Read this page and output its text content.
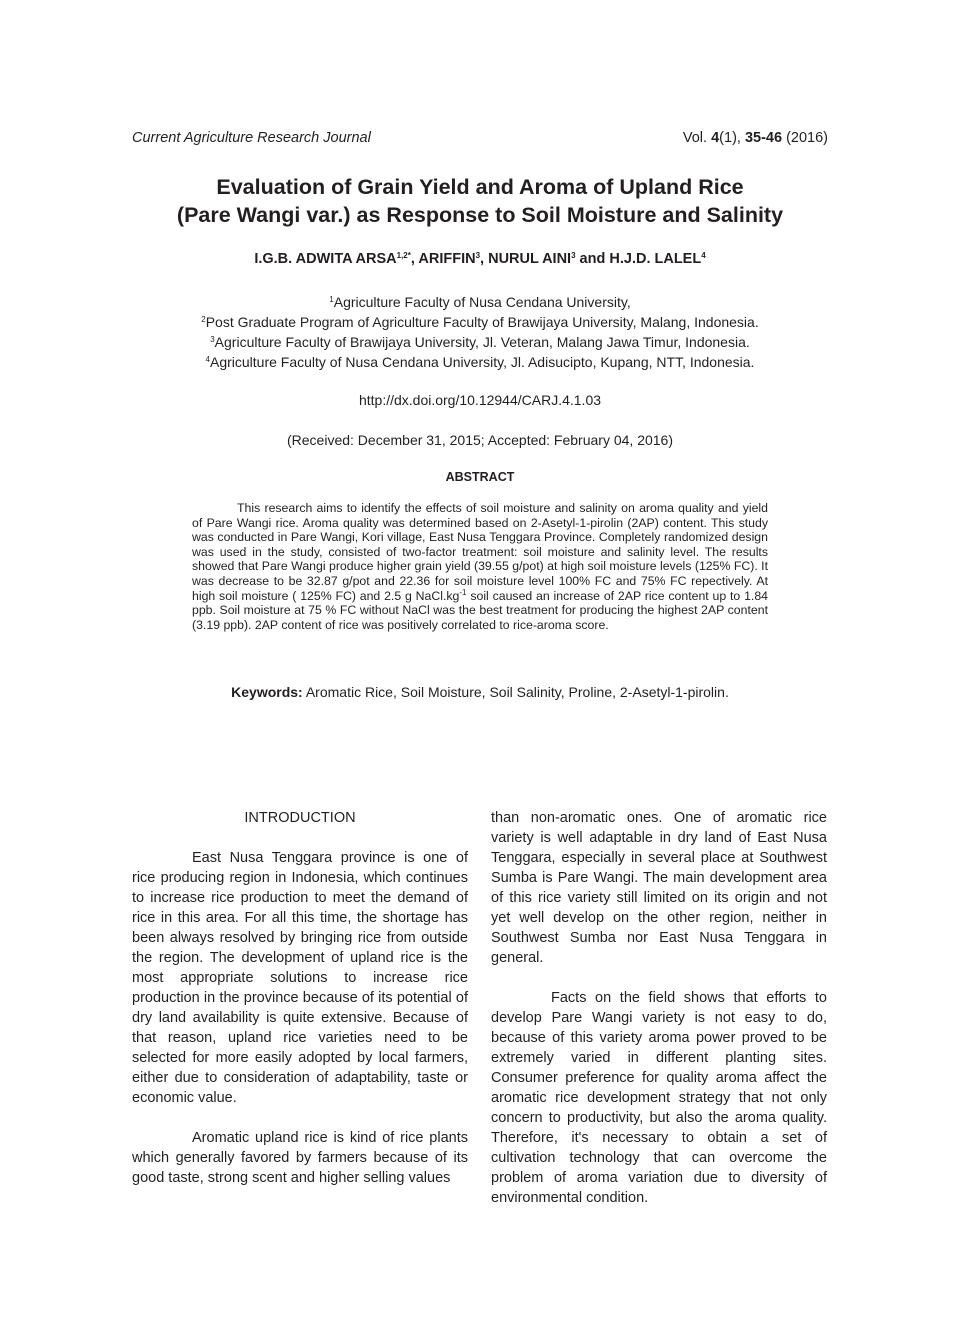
Current Agriculture Research Journal	Vol. 4(1), 35-46 (2016)
Evaluation of Grain Yield and Aroma of Upland Rice
(Pare Wangi var.) as Response to Soil Moisture and Salinity
I.G.B. ADWITA $ARSA^{1,2*}$, ARIFFIN$^3$, NURUL AINI$^3$ and H.J.D. LALEL$^4$
$^1$Agriculture Faculty of Nusa Cendana University,
$^2$Post Graduate Program of Agriculture Faculty of Brawijaya University, Malang, Indonesia.
$^3$Agriculture Faculty of Brawijaya University, Jl. Veteran, Malang Jawa Timur, Indonesia.
$^4$Agriculture Faculty of Nusa Cendana University, Jl. Adisucipto, Kupang, NTT, Indonesia.
http://dx.doi.org/10.12944/CARJ.4.1.03
(Received: December 31, 2015; Accepted: February 04, 2016)
ABSTRACT
This research aims to identify the effects of soil moisture and salinity on aroma quality and yield of Pare Wangi rice. Aroma quality was determined based on 2-Asetyl-1-pirolin (2AP) content. This study was conducted in Pare Wangi, Kori village, East Nusa Tenggara Province. Completely randomized design was used in the study, consisted of two-factor treatment: soil moisture and salinity level. The results showed that Pare Wangi produce higher grain yield (39.55 g/pot) at high soil moisture levels (125% FC). It was decrease to be 32.87 g/pot and 22.36 for soil moisture level 100% FC and 75% FC repectively. At high soil moisture ( 125% FC) and 2.5 g $NaCl.kg^{-1}$ soil caused an increase of 2AP rice content up to 1.84 ppb. Soil moisture at 75 % FC without NaCl was the best treatment for producing the highest 2AP content (3.19 ppb). 2AP content of rice was positively correlated to rice-aroma score.
Keywords: Aromatic Rice, Soil Moisture, Soil Salinity, Proline, 2-Asetyl-1-pirolin.

INTRODUCTION

East Nusa Tenggara province is one of rice producing region in Indonesia, which continues to increase rice production to meet the demand of rice in this area. For all this time, the shortage has been always resolved by bringing rice from outside the region. The development of upland rice is the most appropriate solutions to increase rice production in the province because of its potential of dry land availability is quite extensive. Because of that reason, upland rice varieties need to be selected for more easily adopted by local farmers, either due to consideration of adaptability, taste or economic value.

Aromatic upland rice is kind of rice plants which generally favored by farmers because of its good taste, strong scent and higher selling values

than non-aromatic ones. One of aromatic rice variety is well adaptable in dry land of East Nusa Tenggara, especially in several place at Southwest Sumba is Pare Wangi. The main development area of this rice variety still limited on its origin and not yet well develop on the other region, neither in Southwest Sumba nor East Nusa Tenggara in general.

Facts on the field shows that efforts to develop Pare Wangi variety is not easy to do, because of this variety aroma power proved to be extremely varied in different planting sites. Consumer preference for quality aroma affect the aromatic rice development strategy that not only concern to productivity, but also the aroma quality. Therefore, it's necessary to obtain a set of cultivation technology that can overcome the problem of aroma variation due to diversity of environmental condition.
